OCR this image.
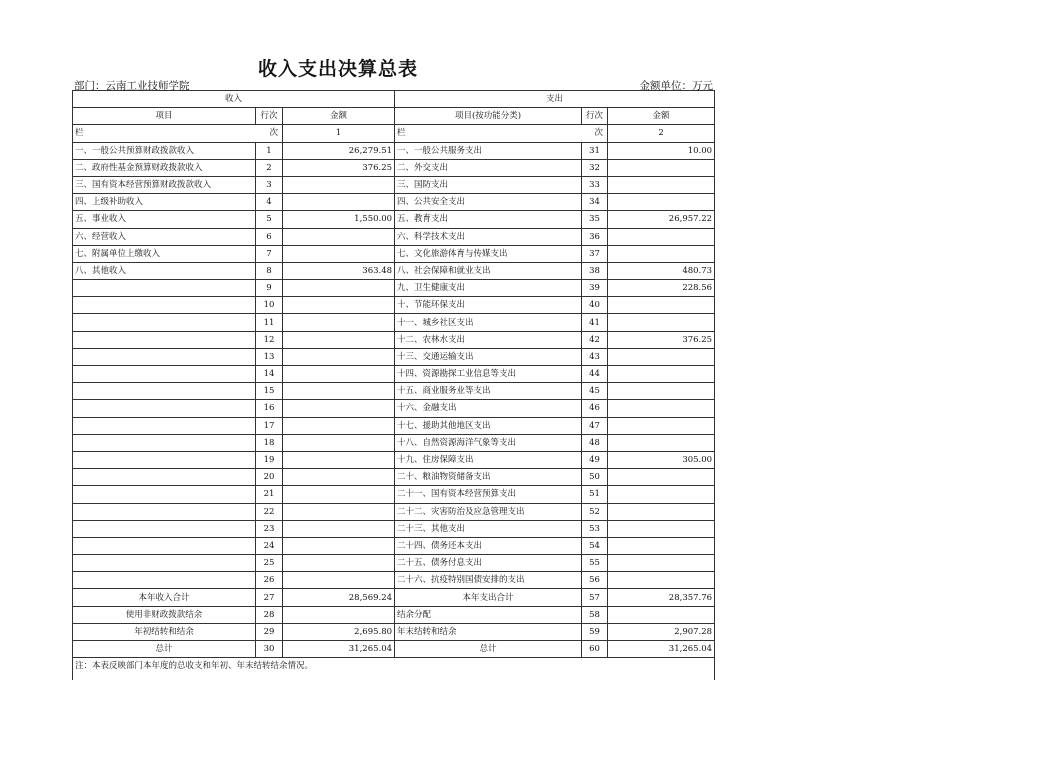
收入支出决算总表
部门：云南工业技师学院	金额单位：万元
收入			支出		
项目	行次	金额	项目(按功能分类)	行次	金额

栏 次		1	栏 次		2
一、一般公共预算财政拨款收入	1	26,279.51	一、一般公共服务支出	31	10.00
二、政府性基金预算财政拨款收入	2	376.25	二、外交支出	32	
三、国有资本经营预算财政拨款收入	3		三、国防支出	33	
四、上级补助收入	4		四、公共安全支出	34	
五、事业收入	5	1,550.00	五、教育支出	35	26,957.22
六、经营收入	6		六、科学技术支出	36	
七、附属单位上缴收入	7		七、文化旅游体育与传媒支出	37	
八、其他收入	8	363.48	八、社会保障和就业支出	38	480.73
	9		九、卫生健康支出	39	228.56
	10		十、节能环保支出	40	
	11		十一、城乡社区支出	41	
	12		十二、农林水支出	42	376.25
	13		十三、交通运输支出	43	
	14		十四、资源勘探工业信息等支出	44	
	15		十五、商业服务业等支出	45	
	16		十六、金融支出	46	
	17		十七、援助其他地区支出	47	
	18		十八、自然资源海洋气象等支出	48	
	19		十九、住房保障支出	49	305.00
	20		二十、粮油物资储备支出	50	
	21		二十一、国有资本经营预算支出	51	
	22		二十二、灾害防治及应急管理支出	52	
	23		二十三、其他支出	53	
	24		二十四、债务还本支出	54	
	25		二十五、债务付息支出	55	
	26		二十六、抗疫特别国债安排的支出	56	
本年收入合计	27	28,569.24	本年支出合计	57	28,357.76
使用非财政拨款结余	28		结余分配	58	
年初结转和结余	29	2,695.80	年末结转和结余	59	2,907.28
总计	30	31,265.04	总计	60	31,265.04
注：本表反映部门本年度的总收支和年初、年末结转结余情况。					
